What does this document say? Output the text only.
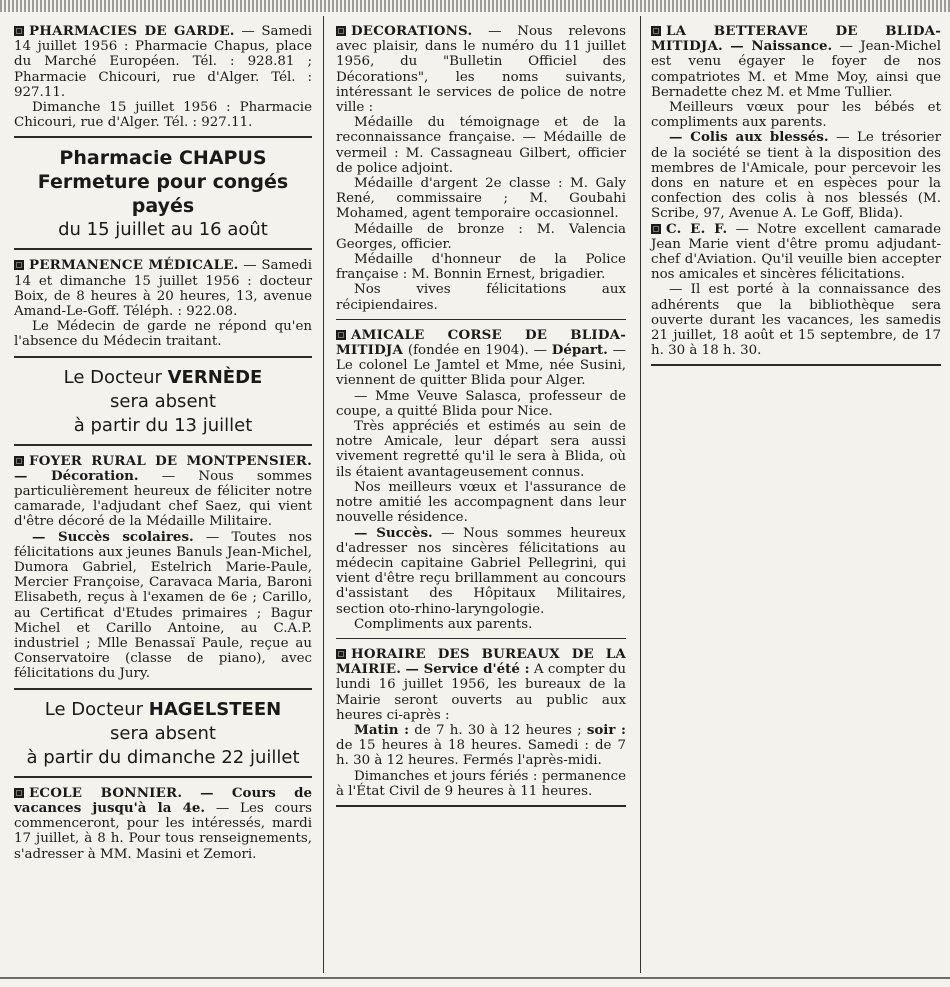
PHARMACIES DE GARDE. — Samedi 14 juillet 1956 : Pharmacie Chapus, place du Marché Européen. Tél. : 928.81 ; Pharmacie Chicouri, rue d'Alger. Tél. : 927.11.

Dimanche 15 juillet 1956 : Pharmacie Chicouri, rue d'Alger. Tél. : 927.11.

Pharmacie CHAPUS
Fermeture pour congés payés
du 15 juillet au 16 août

PERMANENCE MÉDICALE. — Samedi 14 et dimanche 15 juillet 1956 : docteur Boix, de 8 heures à 20 heures, 13, avenue Amand-Le-Goff. Téléph. : 922.08.

Le Médecin de garde ne répond qu'en l'absence du Médecin traitant.

Le Docteur VERNÈDE
sera absent
à partir du 13 juillet

FOYER RURAL DE MONTPENSIER. — Décoration. — Nous sommes particulièrement heureux de féliciter notre camarade, l'adjudant chef Saez, qui vient d'être décoré de la Médaille Militaire.

— Succès scolaires. — Toutes nos félicitations aux jeunes Banuls Jean-Michel, Dumora Gabriel, Estelrich Marie-Paule, Mercier Françoise, Caravaca Maria, Baroni Elisabeth, reçus à l'examen de 6e ; Carillo, au Certificat d'Etudes primaires ; Bagur Michel et Carillo Antoine, au C.A.P. industriel ; Mlle Benassaï Paule, reçue au Conservatoire (classe de piano), avec félicitations du Jury.

Le Docteur HAGELSTEEN
sera absent
à partir du dimanche 22 juillet

ECOLE BONNIER. — Cours de vacances jusqu'à la 4e. — Les cours commenceront, pour les intéressés, mardi 17 juillet, à 8 h. Pour tous renseignements, s'adresser à MM. Masini et Zemori.

DECORATIONS. — Nous relevons avec plaisir, dans le numéro du 11 juillet 1956, du "Bulletin Officiel des Décorations", les noms suivants, intéressant le services de police de notre ville :

Médaille du témoignage et de la reconnaissance française. — Médaille de vermeil : M. Cassagneau Gilbert, officier de police adjoint.

Médaille d'argent 2e classe : M. Galy René, commissaire ; M. Goubahi Mohamed, agent temporaire occasionnel.

Médaille de bronze : M. Valencia Georges, officier.

Médaille d'honneur de la Police française : M. Bonnin Ernest, brigadier.

Nos vives félicitations aux récipiendaires.

AMICALE CORSE DE BLIDA-MITIDJA (fondée en 1904). — Départ. — Le colonel Le Jamtel et Mme, née Susini, viennent de quitter Blida pour Alger.

— Mme Veuve Salasca, professeur de coupe, a quitté Blida pour Nice.

Très appréciés et estimés au sein de notre Amicale, leur départ sera aussi vivement regretté qu'il le sera à Blida, où ils étaient avantageusement connus.

Nos meilleurs vœux et l'assurance de notre amitié les accompagnent dans leur nouvelle résidence.

— Succès. — Nous sommes heureux d'adresser nos sincères félicitations au médecin capitaine Gabriel Pellegrini, qui vient d'être reçu brillamment au concours d'assistant des Hôpitaux Militaires, section oto-rhino-laryngologie.

Compliments aux parents.

HORAIRE DES BUREAUX DE LA MAIRIE. — Service d'été : A compter du lundi 16 juillet 1956, les bureaux de la Mairie seront ouverts au public aux heures ci-après :

Matin : de 7 h. 30 à 12 heures ; soir : de 15 heures à 18 heures. Samedi : de 7 h. 30 à 12 heures. Fermés l'après-midi.

Dimanches et jours fériés : permanence à l'État Civil de 9 heures à 11 heures.

LA BETTERAVE DE BLIDA-MITIDJA. — Naissance. — Jean-Michel est venu égayer le foyer de nos compatriotes M. et Mme Moy, ainsi que Bernadette chez M. et Mme Tullier.

Meilleurs vœux pour les bébés et compliments aux parents.

— Colis aux blessés. — Le trésorier de la société se tient à la disposition des membres de l'Amicale, pour percevoir les dons en nature et en espèces pour la confection des colis à nos blessés (M. Scribe, 97, Avenue A. Le Goff, Blida).

C. E. F. — Notre excellent camarade Jean Marie vient d'être promu adjudant-chef d'Aviation. Qu'il veuille bien accepter nos amicales et sincères félicitations.

— Il est porté à la connaissance des adhérents que la bibliothèque sera ouverte durant les vacances, les samedis 21 juillet, 18 août et 15 septembre, de 17 h. 30 à 18 h. 30.
